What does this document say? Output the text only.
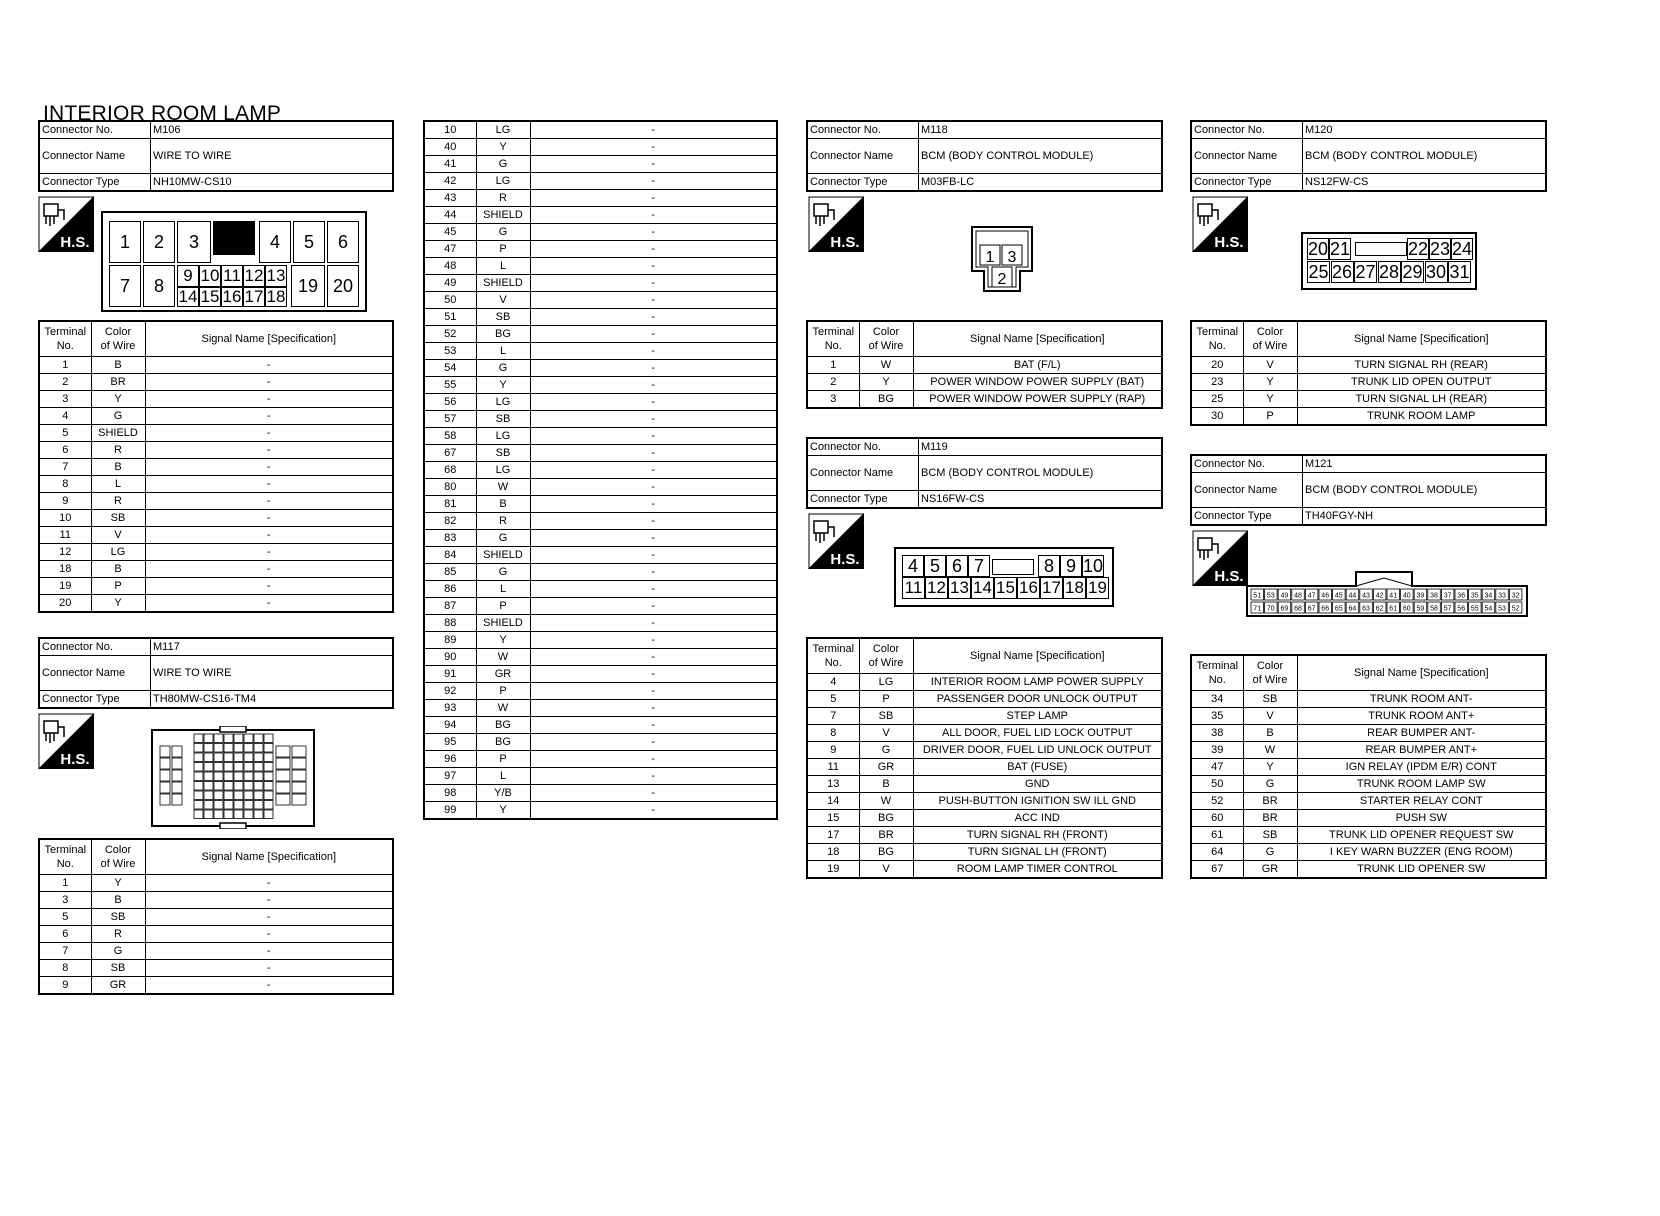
INTERIOR ROOM LAMP
Connector No.	M106
Connector Name	WIRE TO WIRE
Connector Type	NH10MW-CS10
H.S.	1	2	3	4	5	6
7	8	9 10 11 12 13
14 15 16 17 18
19 20
Terminal
No.	Color
of Wire	Signal Name [Specification]
1	B	-
2	BR	-
3	Y	-
4	G	-
5	SHIELD	-
6	R	-
7	B	-
8	L	-
9	R	-
10	SB	-
11	V	-
12	LG	-
18	B	-
19	P	-
20	Y	-
Connector No.	M117
Connector Name	WIRE TO WIRE
Connector Type	TH80MW-CS16-TM4
H.S.
Terminal
No.	Color
of Wire	Signal Name [Specification]
1	Y	-
3	B	-
5	SB	-
6	R	-
7	G	-
8	SB	-
9	GR	-
10	LG	-
40	Y	-
41	G	-
42	LG	-
43	R	-
44	SHIELD	-
45	G	-
47	P	-
48	L	-
49	SHIELD	-
50	V	-
51	SB	-
52	BG	-
53	L	-
54	G	-
55	Y	-
56	LG	-
57	SB	-
58	LG	-
67	SB	-
68	LG	-
80	W	-
81	B	-
82	R	-
83	G	-
84	SHIELD	-
85	G	-
86	L	-
87	P	-
88	SHIELD	-
89	Y	-
90	W	-
91	GR	-
92	P	-
93	W	-
94	BG	-
95	BG	-
96	P	-
97	L	-
98	Y/B	-
99	Y	-
Connector No.	M118
Connector Name	BCM (BODY CONTROL MODULE)
Connector Type	M03FB-LC
H.S.
1 3
2
Terminal
No.	Color
of Wire	Signal Name [Specification]
1	W	BAT (F/L)
2	Y	POWER WINDOW POWER SUPPLY (BAT)
3	BG	POWER WINDOW POWER SUPPLY (RAP)
Connector No.	M119
Connector Name	BCM (BODY CONTROL MODULE)
Connector Type	NS16FW-CS
H.S.	4 5 6 7	8 9 10
11 12 13 14 15 16 17 18 19
Terminal
No.	Color
of Wire	Signal Name [Specification]
4	LG	INTERIOR ROOM LAMP POWER SUPPLY
5	P	PASSENGER DOOR UNLOCK OUTPUT
7	SB	STEP LAMP
8	V	ALL DOOR, FUEL LID LOCK OUTPUT
9	G	DRIVER DOOR, FUEL LID UNLOCK OUTPUT
11	GR	BAT (FUSE)
13	B	GND
14	W	PUSH-BUTTON IGNITION SW ILL GND
15	BG	ACC IND
17	BR	TURN SIGNAL RH (FRONT)
18	BG	TURN SIGNAL LH (FRONT)
19	V	ROOM LAMP TIMER CONTROL
Connector No.	M120
Connector Name	BCM (BODY CONTROL MODULE)
Connector Type	NS12FW-CS
H.S.	20 21	22 23 24
25 26 27 28 29 30 31
Terminal
No.	Color
of Wire	Signal Name [Specification]
20	V	TURN SIGNAL RH (REAR)
23	Y	TRUNK LID OPEN OUTPUT
25	Y	TURN SIGNAL LH (REAR)
30	P	TRUNK ROOM LAMP
Connector No.	M121
Connector Name	BCM (BODY CONTROL MODULE)
Connector Type	TH40FGY-NH
H.S.
51 53 49 48 47 46 45 44 43 42 41 40 39 38 37 36 35 34 33 32
71 70 69 68 67 66 65 64 63 62 61 60 59 58 57 56 55 54 53 52
Terminal
No.	Color
of Wire	Signal Name [Specification]
34	SB	TRUNK ROOM ANT-
35	V	TRUNK ROOM ANT+
38	B	REAR BUMPER ANT-
39	W	REAR BUMPER ANT+
47	Y	IGN RELAY (IPDM E/R) CONT
50	G	TRUNK ROOM LAMP SW
52	BR	STARTER RELAY CONT
60	BR	PUSH SW
61	SB	TRUNK LID OPENER REQUEST SW
64	G	I KEY WARN BUZZER (ENG ROOM)
67	GR	TRUNK LID OPENER SW
